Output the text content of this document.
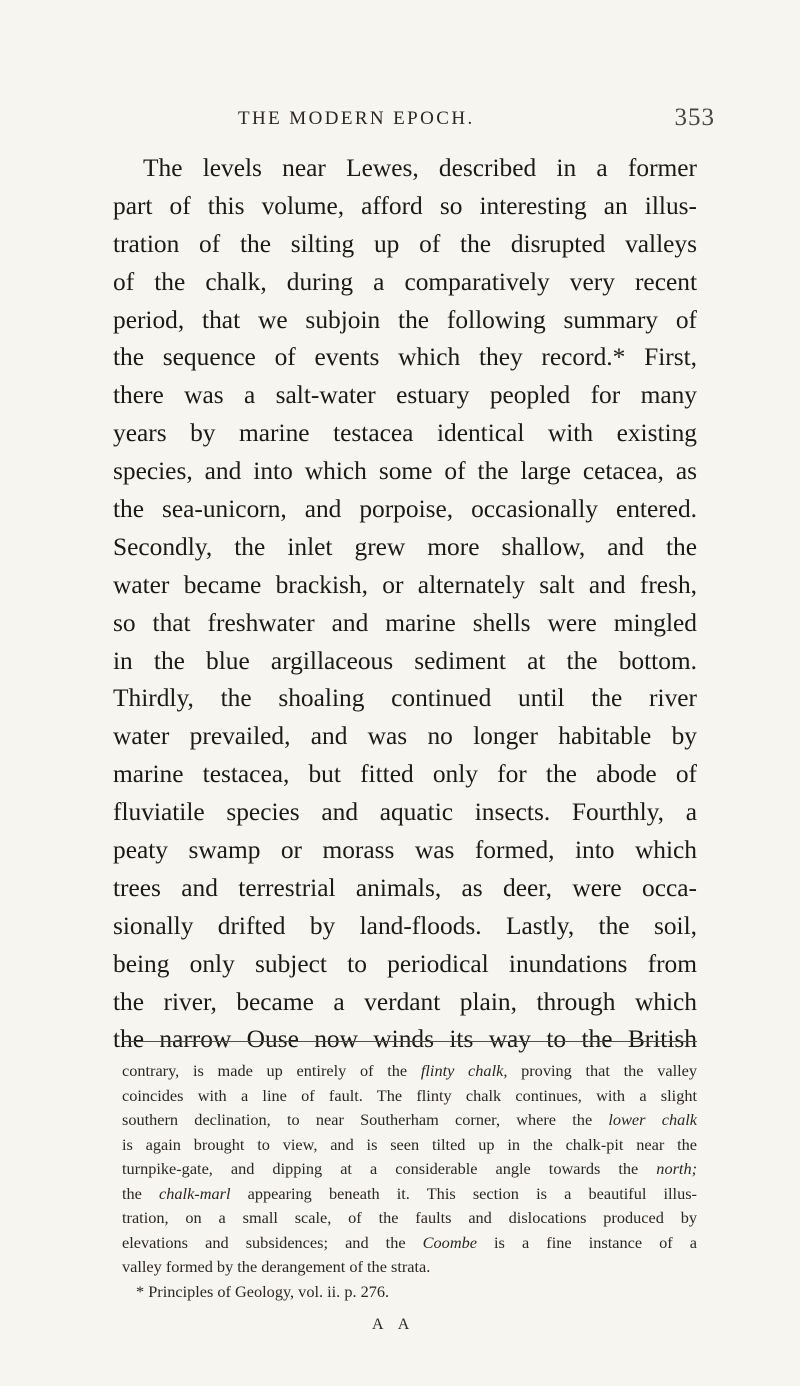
THE MODERN EPOCH.	353
The levels near Lewes, described in a former
part of this volume, afford so interesting an illus-
tration of the silting up of the disrupted valleys
of the chalk, during a comparatively very recent
period, that we subjoin the following summary of
the sequence of events which they record.* First,
there was a salt-water estuary peopled for many
years by marine testacea identical with existing
species, and into which some of the large cetacea, as
the sea-unicorn, and porpoise, occasionally entered.
Secondly, the inlet grew more shallow, and the
water became brackish, or alternately salt and fresh,
so that freshwater and marine shells were mingled
in the blue argillaceous sediment at the bottom.
Thirdly, the shoaling continued until the river
water prevailed, and was no longer habitable by
marine testacea, but fitted only for the abode of
fluviatile species and aquatic insects. Fourthly, a
peaty swamp or morass was formed, into which
trees and terrestrial animals, as deer, were occa-
sionally drifted by land-floods. Lastly, the soil,
being only subject to periodical inundations from
the river, became a verdant plain, through which
the narrow Ouse now winds its way to the British
contrary, is made up entirely of the flinty chalk, proving that the valley
coincides with a line of fault. The flinty chalk continues, with a slight
southern declination, to near Southerham corner, where the lower chalk
is again brought to view, and is seen tilted up in the chalk-pit near the
turnpike-gate, and dipping at a considerable angle towards the north;
the chalk-marl appearing beneath it. This section is a beautiful illus-
tration, on a small scale, of the faults and dislocations produced by
elevations and subsidences; and the Coombe is a fine instance of a
valley formed by the derangement of the strata.
* Principles of Geology, vol. ii. p. 276.
A A
